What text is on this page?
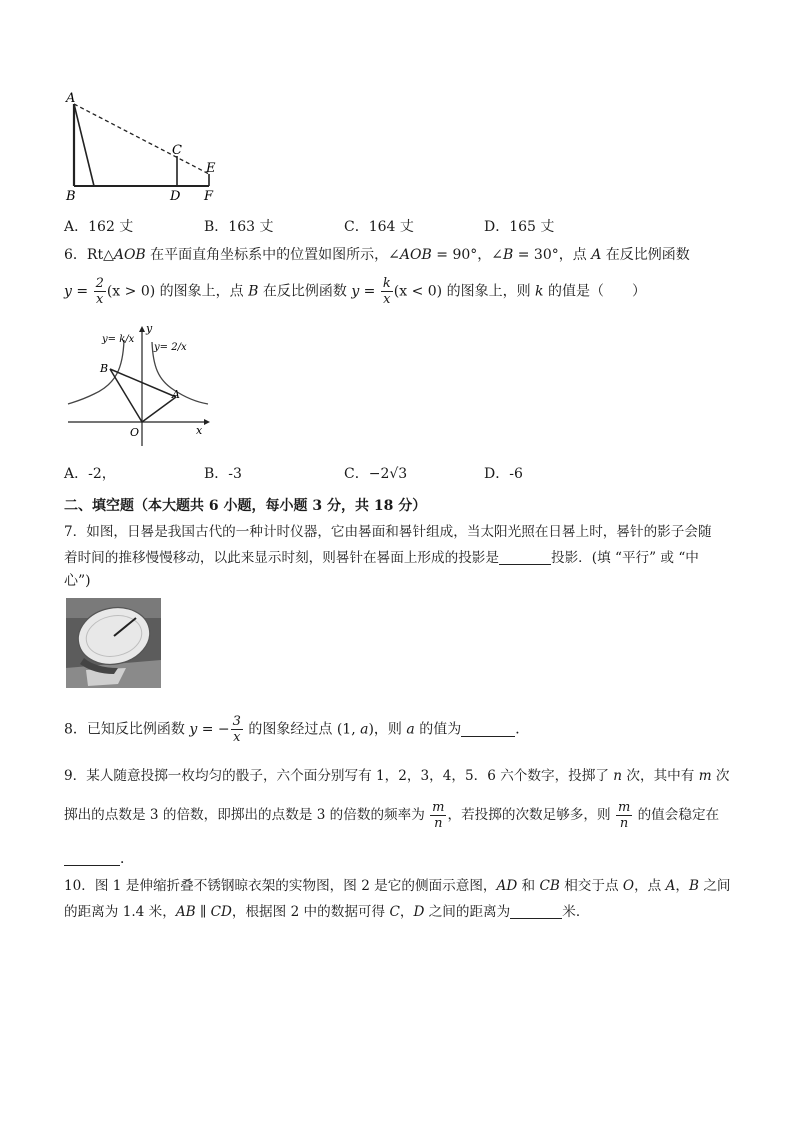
A
B
C
D
E
F
A．162 丈	B．163 丈	C．164 丈	D．165 丈
6．Rt△AOB 在平面直角坐标系中的位置如图所示，∠AOB = 90°，∠B = 30°，点 A 在反比例函数
$y = \frac{2}{x} (x > 0)$ 的图象上，点 B 在反比例函数 $y = \frac{k}{x} (x < 0)$ 的图象上，则 k 的值是（　　）
y= k/x
y= 2/x
y
x
O
A
B
A．-2，	B．-3	C．−2√3	D．-6
二、填空题（本大题共 6 小题，每小题 3 分，共 18 分）
7．如图，日晷是我国古代的一种计时仪器，它由晷面和晷针组成，当太阳光照在日晷上时，晷针的影子会随
着时间的推移慢慢移动，以此来显示时刻，则晷针在晷面上形成的投影是	投影．(填 “平行” 或 “中
心”)
8．已知反比例函数 y = − $\frac{3}{x}$ 的图象经过点 (1, a)，则 a 的值为	．
9．某人随意投掷一枚均匀的骰子，六个面分别写有 1，2，3，4，5．6 六个数字，投掷了 n 次，其中有 m 次
掷出的点数是 3 的倍数，即掷出的点数是 3 的倍数的频率为 $\frac{m}{n}$ ，若投掷的次数足够多，则 $\frac{m}{n}$ 的值会稳定在
．
10．图 1 是伸缩折叠不锈钢晾衣架的实物图，图 2 是它的侧面示意图，AD 和 CB 相交于点 O，点 A，B 之间
的距离为 1.4 米，AB ∥ CD，根据图 2 中的数据可得 C，D 之间的距离为	米．
